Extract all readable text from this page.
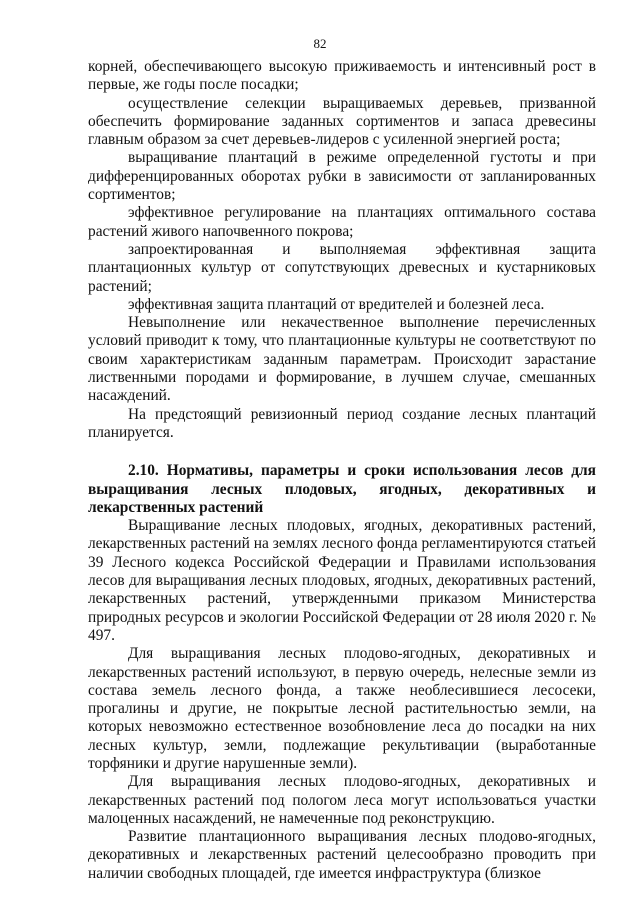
82

корней, обеспечивающего высокую приживаемость и интенсивный рост в первые, же годы после посадки;

осуществление селекции выращиваемых деревьев, призванной обеспечить формирование заданных сортиментов и запаса древесины главным образом за счет деревьев-лидеров с усиленной энергией роста;

выращивание плантаций в режиме определенной густоты и при дифференцированных оборотах рубки в зависимости от запланированных сортиментов;

эффективное регулирование на плантациях оптимального состава растений живого напочвенного покрова;

запроектированная и выполняемая эффективная защита плантационных культур от сопутствующих древесных и кустарниковых растений;

эффективная защита плантаций от вредителей и болезней леса.

Невыполнение или некачественное выполнение перечисленных условий приводит к тому, что плантационные культуры не соответствуют по своим характеристикам заданным параметрам. Происходит зарастание лиственными породами и формирование, в лучшем случае, смешанных насаждений.

На предстоящий ревизионный период создание лесных плантаций планируется.

2.10. Нормативы, параметры и сроки использования лесов для выращивания лесных плодовых, ягодных, декоративных и лекарственных растений

Выращивание лесных плодовых, ягодных, декоративных растений, лекарственных растений на землях лесного фонда регламентируются статьей 39 Лесного кодекса Российской Федерации и Правилами использования лесов для выращивания лесных плодовых, ягодных, декоративных растений, лекарственных растений, утвержденными приказом Министерства природных ресурсов и экологии Российской Федерации от 28 июля 2020 г. № 497.

Для выращивания лесных плодово-ягодных, декоративных и лекарственных растений используют, в первую очередь, нелесные земли из состава земель лесного фонда, а также необлесившиеся лесосеки, прогалины и другие, не покрытые лесной растительностью земли, на которых невозможно естественное возобновление леса до посадки на них лесных культур, земли, подлежащие рекультивации (выработанные торфяники и другие нарушенные земли).

Для выращивания лесных плодово-ягодных, декоративных и лекарственных растений под пологом леса могут использоваться участки малоценных насаждений, не намеченные под реконструкцию.

Развитие плантационного выращивания лесных плодово-ягодных, декоративных и лекарственных растений целесообразно проводить при наличии свободных площадей, где имеется инфраструктура (близкое
